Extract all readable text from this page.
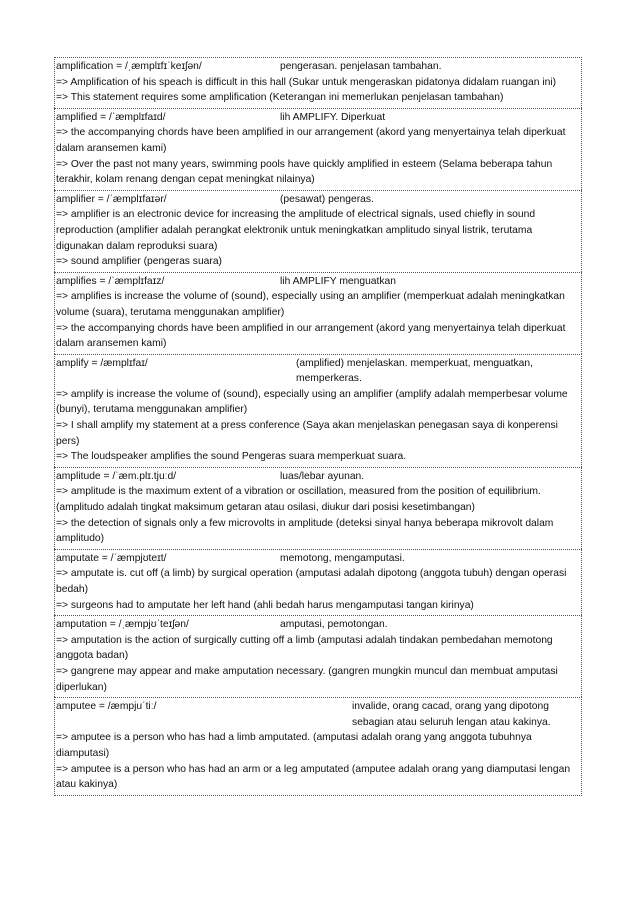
amplification = /ˌæmplɪfɪˈkeɪʃən/	pengerasan. penjelasan tambahan.
=> Amplification of his speach is difficult in this hall (Sukar untuk mengeraskan pidatonya didalam ruangan ini)
=> This statement requires some amplification (Keterangan ini memerlukan penjelasan tambahan)
amplified = /ˈæmplɪfaɪd/	lih AMPLIFY. Diperkuat
=> the accompanying chords have been amplified in our arrangement (akord yang menyertainya telah diperkuat dalam aransemen kami)
=> Over the past not many years, swimming pools have quickly amplified in esteem (Selama beberapa tahun terakhir, kolam renang dengan cepat meningkat nilainya)
amplifier = /ˈæmplɪfaɪər/	(pesawat) pengeras.
=> amplifier is an electronic device for increasing the amplitude of electrical signals, used chiefly in sound reproduction (amplifier adalah perangkat elektronik untuk meningkatkan amplitudo sinyal listrik, terutama digunakan dalam reproduksi suara)
=> sound amplifier (pengeras suara)
amplifies = /ˈæmplɪfaɪz/	lih AMPLIFY menguatkan
=> amplifies is increase the volume of (sound), especially using an amplifier (memperkuat adalah meningkatkan volume (suara), terutama menggunakan amplifier)
=> the accompanying chords have been amplified in our arrangement (akord yang menyertainya telah diperkuat dalam aransemen kami)
amplify = /æmplɪfaɪ/	(amplified) menjelaskan. memperkuat, menguatkan, memperkeras.
=> amplify is increase the volume of (sound), especially using an amplifier (amplify adalah memperbesar volume (bunyi), terutama menggunakan amplifier)
=> I shall amplify my statement at a press conference (Saya akan menjelaskan penegasan saya di konperensi pers)
=> The loudspeaker amplifies the sound Pengeras suara memperkuat suara.
amplitude = /ˈæm.plɪ.tjuːd/	luas/lebar ayunan.
=> amplitude is the maximum extent of a vibration or oscillation, measured from the position of equilibrium. (amplitudo adalah tingkat maksimum getaran atau osilasi, diukur dari posisi kesetimbangan)
=> the detection of signals only a few microvolts in amplitude (deteksi sinyal hanya beberapa mikrovolt dalam
amplitudo)
amputate = /ˈæmpjʊteɪt/	memotong, mengamputasi.
=> amputate is. cut off (a limb) by surgical operation (amputasi adalah dipotong (anggota tubuh) dengan operasi bedah)
=> surgeons had to amputate her left hand (ahli bedah harus mengamputasi tangan kirinya)
amputation = /ˌæmpjʊˈteɪʃən/	amputasi, pemotongan.
=> amputation is the action of surgically cutting off a limb (amputasi adalah tindakan pembedahan memotong anggota badan)
=> gangrene may appear and make amputation necessary. (gangren mungkin muncul dan membuat amputasi
diperlukan)
amputee = /æmpjuˈtiː/	invalide, orang cacad, orang yang dipotong sebagian atau seluruh lengan atau kakinya.
=> amputee is a person who has had a limb amputated. (amputasi adalah orang yang anggota tubuhnya diamputasi)
=> amputee is a person who has had an arm or a leg amputated (amputee adalah orang yang diamputasi lengan atau kakinya)
